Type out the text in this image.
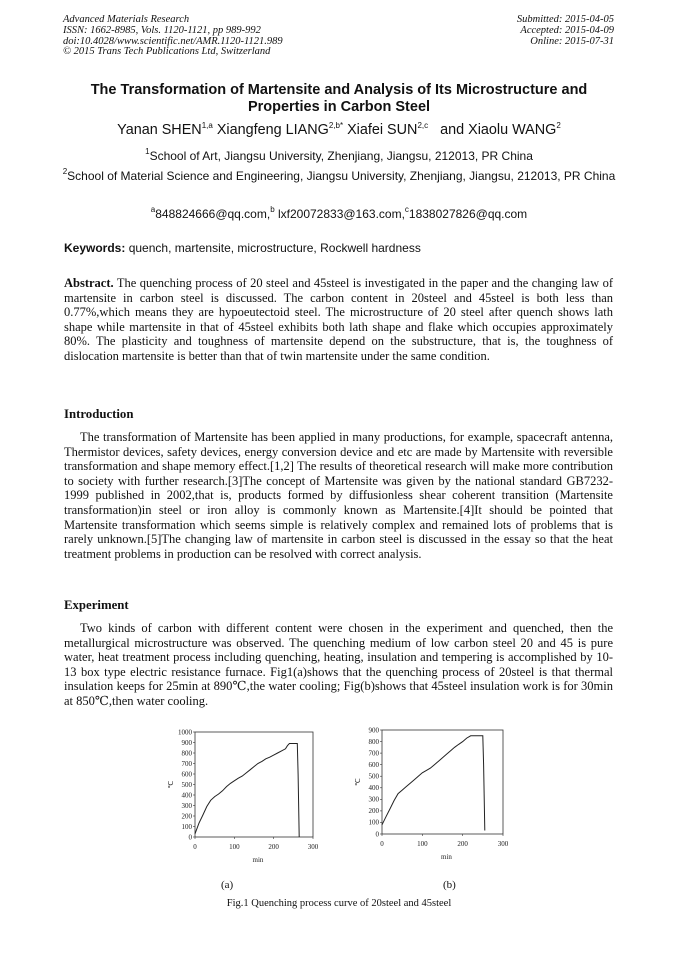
Advanced Materials Research
ISSN: 1662-8985, Vols. 1120-1121, pp 989-992
doi:10.4028/www.scientific.net/AMR.1120-1121.989
© 2015 Trans Tech Publications Ltd, Switzerland
Submitted: 2015-04-05
Accepted: 2015-04-09
Online: 2015-07-31
The Transformation of Martensite and Analysis of Its Microstructure and
Properties in Carbon Steel
Yanan SHEN$^{1,a}$ Xiangfeng $LIANG^{2,b*}$ Xiafei SUN$^{2,c}$ and Xiaolu WANG$^2$
$^1$School of Art, Jiangsu University, Zhenjiang, Jiangsu, 212013, PR China
$^2$School of Material Science and Engineering, Jiangsu University, Zhenjiang, Jiangsu, 212013, PR China
$^a$848824666@qq.com,$^b$ lxf20072833@163.com,$^c$1838027826@qq.com
Keywords: quench, martensite, microstructure, Rockwell hardness
Abstract. The quenching process of 20 steel and 45steel is investigated in the paper and the changing law of martensite in carbon steel is discussed. The carbon content in 20steel and 45steel is both less than 0.77%,which means they are hypoeutectoid steel. The microstructure of 20 steel after quench shows lath shape while martensite in that of 45steel exhibits both lath shape and flake which occupies approximately 80%. The plasticity and toughness of martensite depend on the substructure, that is, the toughness of dislocation martensite is better than that of twin martensite under the same condition.
Introduction
The transformation of Martensite has been applied in many productions, for example, spacecraft antenna, Thermistor devices, safety devices, energy conversion device and etc are made by Martensite with reversible transformation and shape memory effect.[1,2] The results of theoretical research will make more contribution to society with further research.[3]The concept of Martensite was given by the national standard GB7232-1999 published in 2002,that is, products formed by diffusionless shear coherent transition (Martensite transformation)in steel or iron alloy is commonly known as Martensite.[4]It should be pointed that Martensite transformation which seems simple is relatively complex and remained lots of problems that is rarely unknown.[5]The changing law of martensite in carbon steel is discussed in the essay so that the heat treatment problems in production can be resolved with correct analysis.
Experiment
Two kinds of carbon with different content were chosen in the experiment and quenched, then the metallurgical microstructure was observed. The quenching medium of low carbon steel 20 and 45 is pure water, heat treatment process including quenching, heating, insulation and tempering is accomplished by 10-13 box type electric resistance furnace. Fig1(a)shows that the quenching process of 20steel is that thermal insulation keeps for 25min at 890℃,the water cooling; Fig(b)shows that 45steel insulation work is for 30min at 850℃,then water cooling.
0
100
200
300
400
500
600
700
800
900
1000
0	100	200	300
℃
min
0
100
200
300
400
500
600
700
800
900
0	100	200	300
℃
min
(a)	(b)
Fig.1 Quenching process curve of 20steel and 45steel
